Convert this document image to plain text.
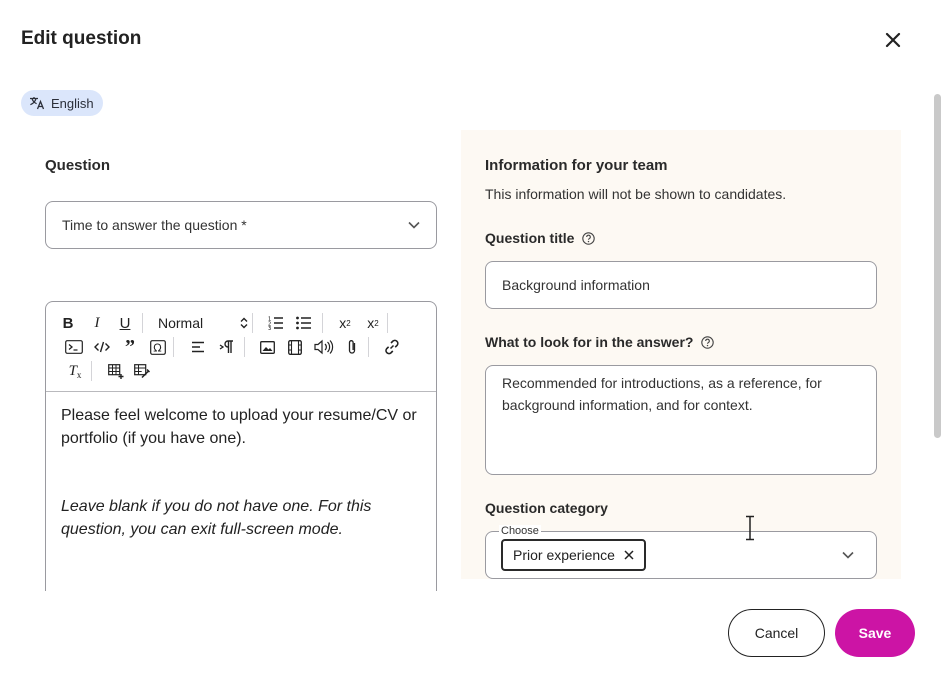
Edit question
English
Question
Time to answer the question *
B	I	U Normal	1
2
3	x 2 x 2
”	Ω
T x

Please feel welcome to upload your resume/CV or portfolio (if you have one).

Leave blank if you do not have one. For this question, you can exit full-screen mode.

Information for your team
This information will not be shown to candidates.
Question title
Background information
What to look for in the answer?
Recommended for introductions, as a reference, for background information, and for context.
Question category
Choose
Prior experience
Cancel	Save
